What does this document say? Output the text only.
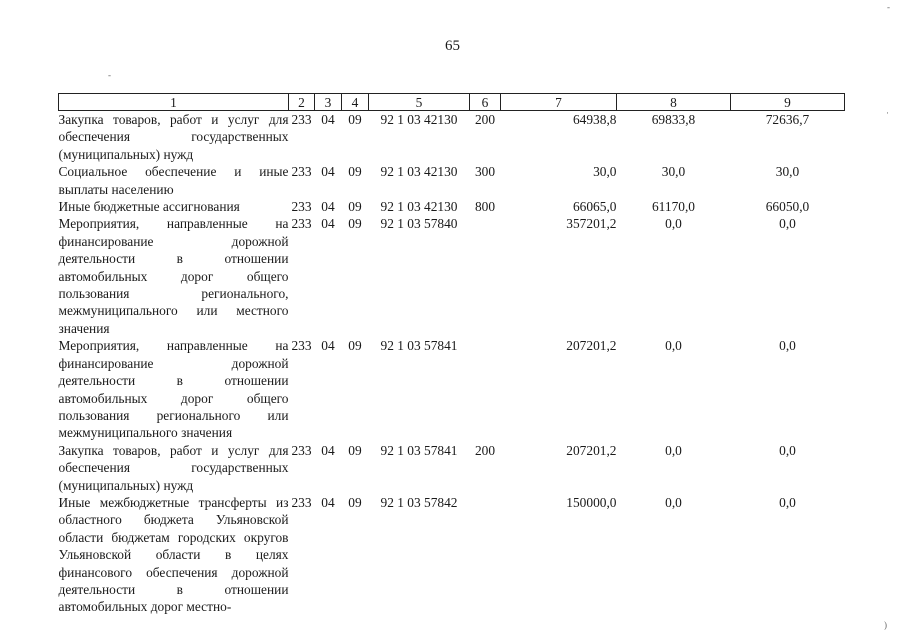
65
-
-
·
)
1	2	3	4	5	6	7	8	9
Закупка товаров, работ и услуг для обеспечения государственных (муниципальных) нужд	233	04	09	92 1 03 42130	200	64938,8	69833,8	72636,7
Социальное обеспечение и иные выплаты населению	233	04	09	92 1 03 42130	300	30,0	30,0	30,0
Иные бюджетные ассигнования	233	04	09	92 1 03 42130	800	66065,0	61170,0	66050,0
Мероприятия, направленные на финансирование дорожной деятельности в отношении автомобильных дорог общего пользования регионального, межмуниципального или местного значения	233	04	09	92 1 03 57840		357201,2	0,0	0,0
Мероприятия, направленные на финансирование дорожной деятельности в отношении автомобильных дорог общего пользования регионального или межмуниципального значения	233	04	09	92 1 03 57841		207201,2	0,0	0,0
Закупка товаров, работ и услуг для обеспечения государственных (муниципальных) нужд	233	04	09	92 1 03 57841	200	207201,2	0,0	0,0
Иные межбюджетные трансферты из областного бюджета Ульяновской области бюджетам городских округов Ульяновской области в целях финансового обеспечения дорожной деятельности в отношении автомобильных дорог местно-	233	04	09	92 1 03 57842		150000,0	0,0	0,0
